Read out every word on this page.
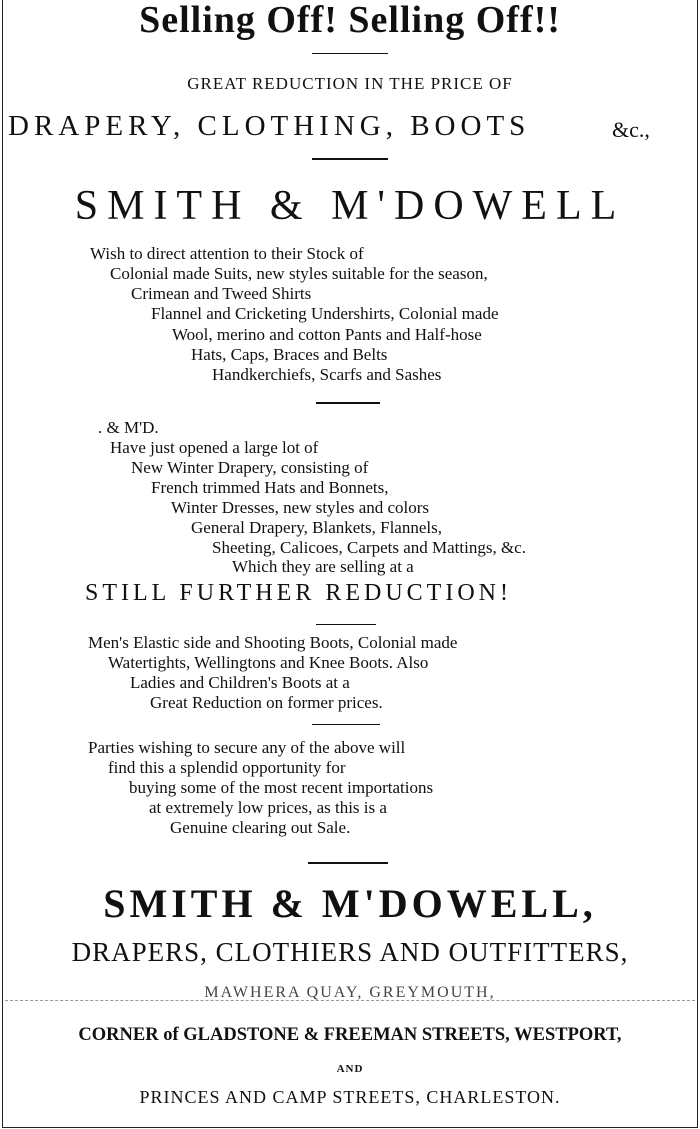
Selling Off! Selling Off!!
GREAT REDUCTION IN THE PRICE OF
DRAPERY, CLOTHING, BOOTS	&c.,
SMITH & M'DOWELL
Wish to direct attention to their Stock of
Colonial made Suits, new styles suitable for the season,
Crimean and Tweed Shirts
Flannel and Cricketing Undershirts, Colonial made
Wool, merino and cotton Pants and Half-hose
Hats, Caps, Braces and Belts
Handkerchiefs, Scarfs and Sashes
. & M'D.
Have just opened a large lot of
New Winter Drapery, consisting of
French trimmed Hats and Bonnets,
Winter Dresses, new styles and colors
General Drapery, Blankets, Flannels,
Sheeting, Calicoes, Carpets and Mattings, &c.
Which they are selling at a
STILL FURTHER REDUCTION!
Men's Elastic side and Shooting Boots, Colonial made
Watertights, Wellingtons and Knee Boots. Also
Ladies and Children's Boots at a
Great Reduction on former prices.
Parties wishing to secure any of the above will
find this a splendid opportunity for
buying some of the most recent importations
at extremely low prices, as this is a
Genuine clearing out Sale.
SMITH & M'DOWELL,
DRAPERS, CLOTHIERS AND OUTFITTERS,
MAWHERA QUAY, GREYMOUTH,
CORNER of GLADSTONE & FREEMAN STREETS, WESTPORT,
AND
PRINCES AND CAMP STREETS, CHARLESTON.
